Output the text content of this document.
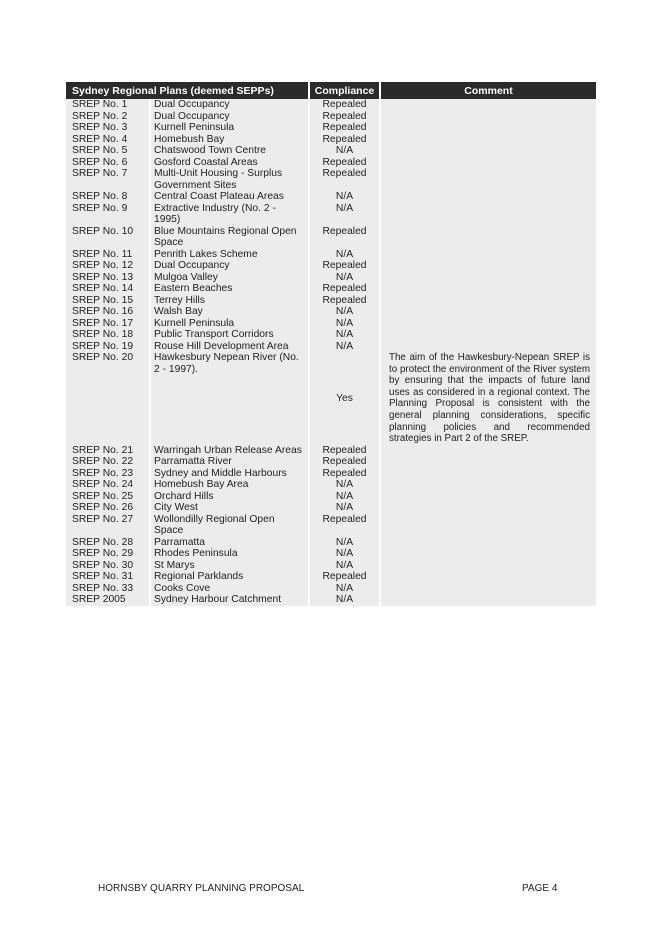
Sydney Regional Plans (deemed SEPPs)		Compliance	Comment
SREP No. 1	Dual Occupancy	Repealed	
SREP No. 2	Dual Occupancy	Repealed	
SREP No. 3	Kurnell Peninsula	Repealed	
SREP No. 4	Homebush Bay	Repealed	
SREP No. 5	Chatswood Town Centre	N/A	
SREP No. 6	Gosford Coastal Areas	Repealed	
SREP No. 7	Multi-Unit Housing - Surplus Government Sites	Repealed	
SREP No. 8	Central Coast Plateau Areas	N/A	
SREP No. 9	Extractive Industry (No. 2 - 1995)	N/A	
SREP No. 10	Blue Mountains Regional Open Space	Repealed	
SREP No. 11	Penrith Lakes Scheme	N/A	
SREP No. 12	Dual Occupancy	Repealed	
SREP No. 13	Mulgoa Valley	N/A	
SREP No. 14	Eastern Beaches	Repealed	
SREP No. 15	Terrey Hills	Repealed	
SREP No. 16	Walsh Bay	N/A	
SREP No. 17	Kurnell Peninsula	N/A	
SREP No. 18	Public Transport Corridors	N/A	
SREP No. 19	Rouse Hill Development Area	N/A	
SREP No. 20	Hawkesbury Nepean River (No. 2 - 1997).	Yes	The aim of the Hawkesbury-Nepean SREP is to protect the environment of the River system by ensuring that the impacts of future land uses as considered in a regional context. The Planning Proposal is consistent with the general planning considerations, specific planning policies and recommended strategies in Part 2 of the SREP.
SREP No. 21	Warringah Urban Release Areas	Repealed	
SREP No. 22	Parramatta River	Repealed	
SREP No. 23	Sydney and Middle Harbours	Repealed	
SREP No. 24	Homebush Bay Area	N/A	
SREP No. 25	Orchard Hills	N/A	
SREP No. 26	City West	N/A	
SREP No. 27	Wollondilly Regional Open Space	Repealed	
SREP No. 28	Parramatta	N/A	
SREP No. 29	Rhodes Peninsula	N/A	
SREP No. 30	St Marys	N/A	
SREP No. 31	Regional Parklands	Repealed	
SREP No. 33	Cooks Cove	N/A	
SREP 2005	Sydney Harbour Catchment	N/A	
HORNSBY QUARRY PLANNING PROPOSAL	PAGE 4
